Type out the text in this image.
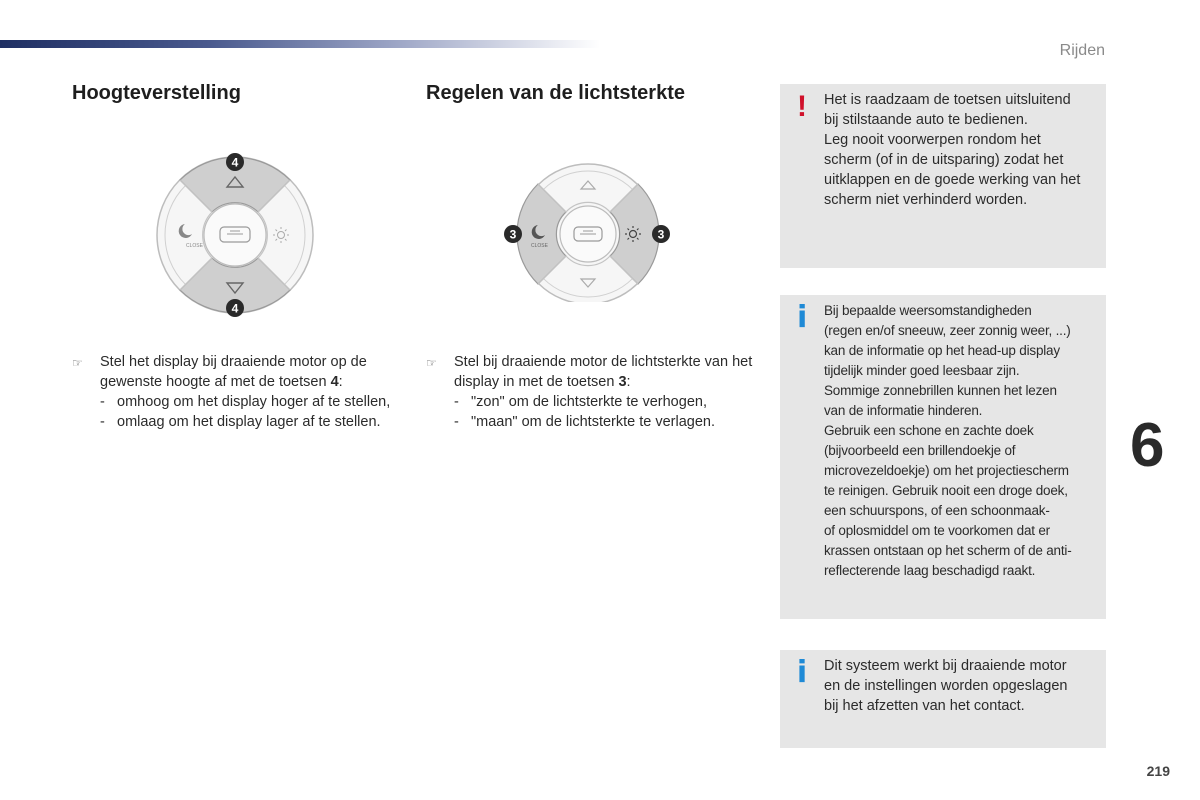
Rijden
Hoogteverstelling
CLOSE
4
4
☞	Stel het display bij draaiende motor op de gewenste hoogte af met de toetsen 4:
- omhoog om het display hoger af te stellen,
- omlaag om het display lager af te stellen.
Regelen van de lichtsterkte
CLOSE
3	3
☞	Stel bij draaiende motor de lichtsterkte van het display in met de toetsen 3:
- "zon" om de lichtsterkte te verhogen,
- "maan" om de lichtsterkte te verlagen.
!	Het is raadzaam de toetsen uitsluitend
bij stilstaande auto te bedienen.
Leg nooit voorwerpen rondom het
scherm (of in de uitsparing) zodat het
uitklappen en de goede werking van het
scherm niet verhinderd worden.
i	Bij bepaalde weersomstandigheden
(regen en/of sneeuw, zeer zonnig weer, ...)
kan de informatie op het head-up display
tijdelijk minder goed leesbaar zijn.
Sommige zonnebrillen kunnen het lezen
van de informatie hinderen.
Gebruik een schone en zachte doek
(bijvoorbeeld een brillendoekje of
microvezeldoekje) om het projectiescherm
te reinigen. Gebruik nooit een droge doek,
een schuurspons, of een schoonmaak-
of oplosmiddel om te voorkomen dat er
krassen ontstaan op het scherm of de anti-
reflecterende laag beschadigd raakt.
i	Dit systeem werkt bij draaiende motor
en de instellingen worden opgeslagen
bij het afzetten van het contact.
6
219
